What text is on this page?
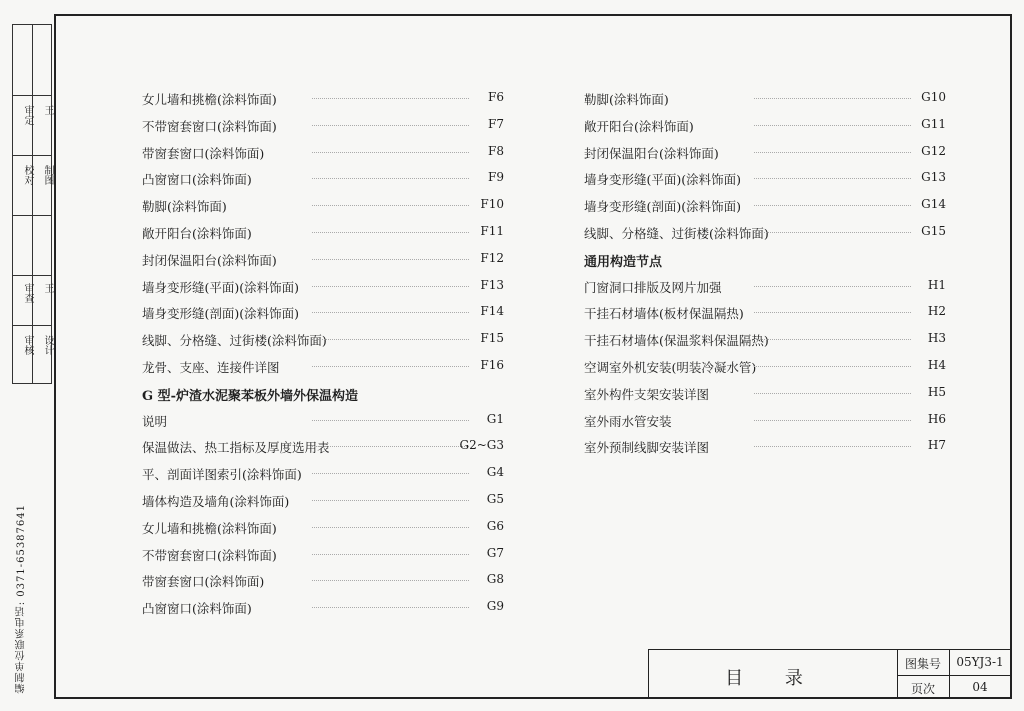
审定 王
校对 制图
审查 王
审核 设计
编制单位联系电话: 0371-65387641
女儿墙和挑檐(涂料饰面)	F6
不带窗套窗口(涂料饰面)	F7
带窗套窗口(涂料饰面)	F8
凸窗窗口(涂料饰面)	F9
勒脚(涂料饰面)	F10
敞开阳台(涂料饰面)	F11
封闭保温阳台(涂料饰面)	F12
墙身变形缝(平面)(涂料饰面)	F13
墙身变形缝(剖面)(涂料饰面)	F14
线脚、分格缝、过街楼(涂料饰面)	F15
龙骨、支座、连接件详图	F16
G 型-炉渣水泥聚苯板外墙外保温构造
说明	G1
保温做法、热工指标及厚度选用表	G2~G3
平、剖面详图索引(涂料饰面)	G4
墙体构造及墙角(涂料饰面)	G5
女儿墙和挑檐(涂料饰面)	G6
不带窗套窗口(涂料饰面)	G7
带窗套窗口(涂料饰面)	G8
凸窗窗口(涂料饰面)	G9
勒脚(涂料饰面)	G10
敞开阳台(涂料饰面)	G11
封闭保温阳台(涂料饰面)	G12
墙身变形缝(平面)(涂料饰面)	G13
墙身变形缝(剖面)(涂料饰面)	G14
线脚、分格缝、过街楼(涂料饰面)	G15
通用构造节点
门窗洞口排版及网片加强	H1
干挂石材墙体(板材保温隔热)	H2
干挂石材墙体(保温浆料保温隔热)	H3
空调室外机安装(明装冷凝水管)	H4
室外构件支架安装详图	H5
室外雨水管安装	H6
室外预制线脚安装详图	H7
目 录
图集号	05YJ3-1
页次	04
